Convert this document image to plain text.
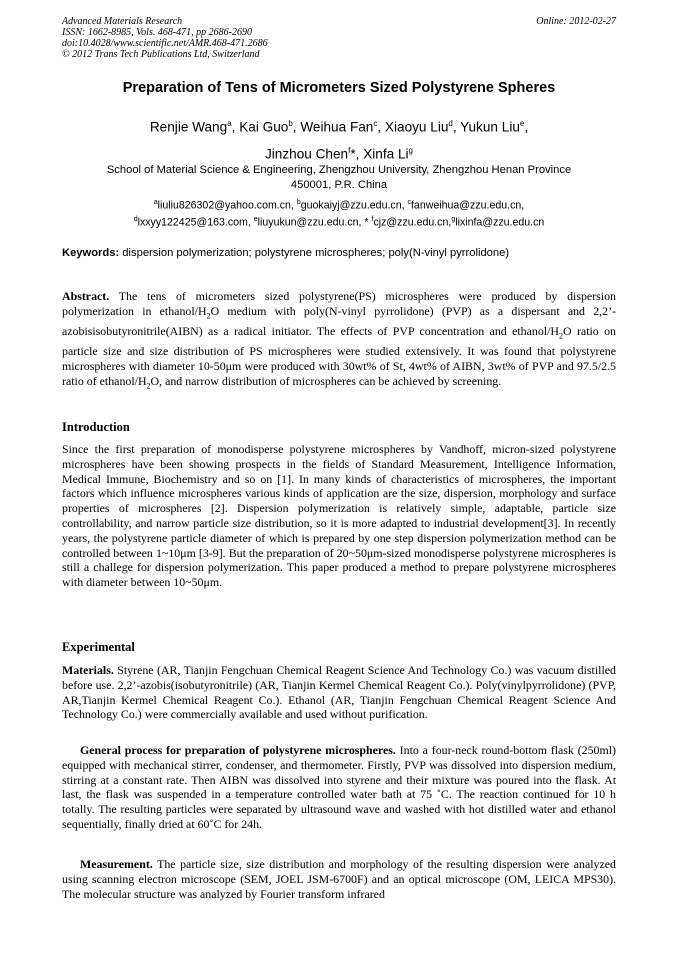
Advanced Materials Research
ISSN: 1662-8985, Vols. 468-471, pp 2686-2690
doi:10.4028/www.scientific.net/AMR.468-471.2686
© 2012 Trans Tech Publications Ltd, Switzerland
Online: 2012-02-27
Preparation of Tens of Micrometers Sized Polystyrene Spheres
Renjie Wang$^a$, Kai Guo$^b$, Weihua Fan$^c$, Xiaoyu Liu$^d$, Yukun Liu$^e$,
Jinzhou Chen$^f$*, Xinfa Li$^g$
School of Material Science & Engineering, Zhengzhou University, Zhengzhou Henan Province
450001, P.R. China
$^a$liuliu826302@yahoo.com.cn, $^b$guokaiyj@zzu.edu.cn, $^c$fanweihua@zzu.edu.cn,
$^d$lxxyy122425@163.com, $^e$liuyukun@zzu.edu.cn, * $^f$cjz@zzu.edu.cn,$^g$lixinfa@zzu.edu.cn
Keywords: dispersion polymerization; polystyrene microspheres; poly(N-vinyl pyrrolidone)
Abstract. The tens of micrometers sized polystyrene(PS) microspheres were produced by dispersion polymerization in ethanol/$H_2O$ medium with poly(N-vinyl pyrrolidone) (PVP) as a dispersant and 2,2’-azobisisobutyronitrile(AIBN) as a radical initiator. The effects of PVP concentration and ethanol/$H_2O$ ratio on particle size and size distribution of PS microspheres were studied extensively. It was found that polystyrene microspheres with diameter 10-50μm were produced with 30wt% of St, 4wt% of AIBN, 3wt% of PVP and 97.5/2.5 ratio of ethanol/$H_2O$, and narrow distribution of microspheres can be achieved by screening.
Introduction
Since the first preparation of monodisperse polystyrene microspheres by Vandhoff, micron-sized polystyrene microspheres have been showing prospects in the fields of Standard Measurement, Intelligence Information, Medical Immune, Biochemistry and so on [1]. In many kinds of characteristics of microspheres, the important factors which influence microspheres various kinds of application are the size, dispersion, morphology and surface properties of microspheres [2]. Dispersion polymerization is relatively simple, adaptable, particle size controllability, and narrow particle size distribution, so it is more adapted to industrial development[3]. In recently years, the polystyrene particle diameter of which is prepared by one step dispersion polymerization method can be controlled between 1~10μm [3-9]. But the preparation of 20~50μm-sized monodisperse polystyrene microspheres is still a challege for dispersion polymerization. This paper produced a method to prepare polystyrene microspheres with diameter between 10~50μm.
Experimental
Materials. Styrene (AR, Tianjin Fengchuan Chemical Reagent Science And Technology Co.) was vacuum distilled before use. 2,2’-azobis(isobutyronitrile) (AR, Tianjin Kermel Chemical Reagent Co.). Poly(vinylpyrrolidone) (PVP, AR,Tianjin Kermel Chemical Reagent Co.). Ethanol (AR, Tianjin Fengchuan Chemical Reagent Science And Technology Co.) were commercially available and used without purification.
General process for preparation of polystyrene microspheres. Into a four-neck round-bottom flask (250ml) equipped with mechanical stirrer, condenser, and thermometer. Firstly, PVP was dissolved into dispersion medium, stirring at a constant rate. Then AIBN was dissolved into styrene and their mixture was poured into the flask. At last, the flask was suspended in a temperature controlled water bath at 75 ˚C. The reaction continued for 10 h totally. The resulting particles were separated by ultrasound wave and washed with hot distilled water and ethanol sequentially, finally dried at 60˚C for 24h.
Measurement. The particle size, size distribution and morphology of the resulting dispersion were analyzed using scanning electron microscope (SEM, JOEL JSM-6700F) and an optical microscope (OM, LEICA MPS30). The molecular structure was analyzed by Fourier transform infrared
